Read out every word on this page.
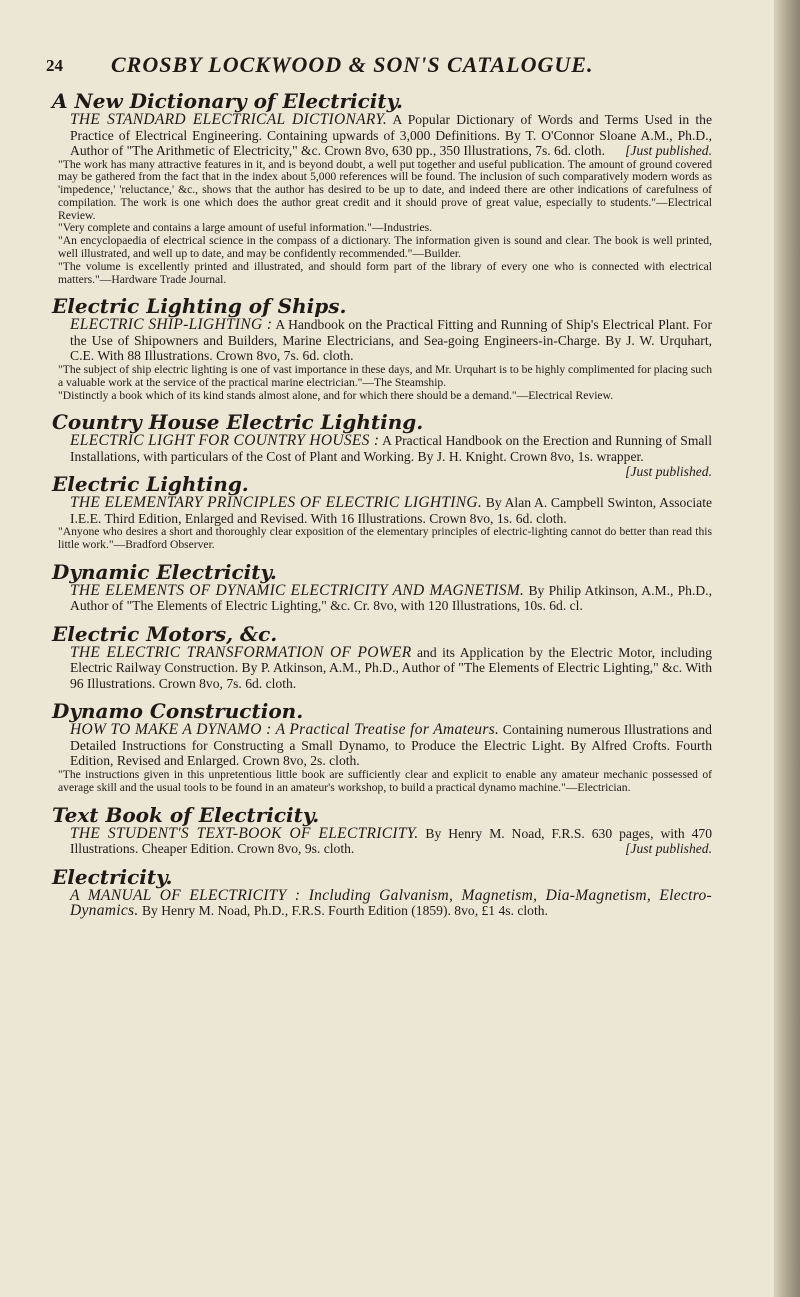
24 CROSBY LOCKWOOD & SON'S CATALOGUE.
A New Dictionary of Electricity.

THE STANDARD ELECTRICAL DICTIONARY. A Popular Dictionary of Words and Terms Used in the Practice of Electrical Engineering. Containing upwards of 3,000 Definitions. By T. O'Connor Sloane A.M., Ph.D., Author of "The Arithmetic of Electricity," &c. Crown 8vo, 630 pp., 350 Illustrations, 7s. 6d. cloth. [Just published.

"The work has many attractive features in it, and is beyond doubt, a well put together and useful publication. The amount of ground covered may be gathered from the fact that in the index about 5,000 references will be found. The inclusion of such comparatively modern words as 'impedence,' 'reluctance,' &c., shows that the author has desired to be up to date, and indeed there are other indications of carefulness of compilation. The work is one which does the author great credit and it should prove of great value, especially to students."—Electrical Review.

"Very complete and contains a large amount of useful information."—Industries.

"An encyclopaedia of electrical science in the compass of a dictionary. The information given is sound and clear. The book is well printed, well illustrated, and well up to date, and may be confidently recommended."—Builder.

"The volume is excellently printed and illustrated, and should form part of the library of every one who is connected with electrical matters."—Hardware Trade Journal.

Electric Lighting of Ships.

ELECTRIC SHIP-LIGHTING : A Handbook on the Practical Fitting and Running of Ship's Electrical Plant. For the Use of Shipowners and Builders, Marine Electricians, and Sea-going Engineers-in-Charge. By J. W. Urquhart, C.E. With 88 Illustrations. Crown 8vo, 7s. 6d. cloth.

"The subject of ship electric lighting is one of vast importance in these days, and Mr. Urquhart is to be highly complimented for placing such a valuable work at the service of the practical marine electrician."—The Steamship.

"Distinctly a book which of its kind stands almost alone, and for which there should be a demand."—Electrical Review.

Country House Electric Lighting.

ELECTRIC LIGHT FOR COUNTRY HOUSES : A Practical Handbook on the Erection and Running of Small Installations, with particulars of the Cost of Plant and Working. By J. H. Knight. Crown 8vo, 1s. wrapper.
[Just published.

Electric Lighting.

THE ELEMENTARY PRINCIPLES OF ELECTRIC LIGHTING. By Alan A. Campbell Swinton, Associate I.E.E. Third Edition, Enlarged and Revised. With 16 Illustrations. Crown 8vo, 1s. 6d. cloth.

"Anyone who desires a short and thoroughly clear exposition of the elementary principles of electric-lighting cannot do better than read this little work."—Bradford Observer.

Dynamic Electricity.

THE ELEMENTS OF DYNAMIC ELECTRICITY AND MAGNETISM. By Philip Atkinson, A.M., Ph.D., Author of "The Elements of Electric Lighting," &c. Cr. 8vo, with 120 Illustrations, 10s. 6d. cl.

Electric Motors, &c.

THE ELECTRIC TRANSFORMATION OF POWER and its Application by the Electric Motor, including Electric Railway Construction. By P. Atkinson, A.M., Ph.D., Author of "The Elements of Electric Lighting," &c. With 96 Illustrations. Crown 8vo, 7s. 6d. cloth.

Dynamo Construction.

HOW TO MAKE A DYNAMO : A Practical Treatise for Amateurs. Containing numerous Illustrations and Detailed Instructions for Constructing a Small Dynamo, to Produce the Electric Light. By Alfred Crofts. Fourth Edition, Revised and Enlarged. Crown 8vo, 2s. cloth.

"The instructions given in this unpretentious little book are sufficiently clear and explicit to enable any amateur mechanic possessed of average skill and the usual tools to be found in an amateur's workshop, to build a practical dynamo machine."—Electrician.

Text Book of Electricity.

THE STUDENT'S TEXT-BOOK OF ELECTRICITY. By Henry M. Noad, F.R.S. 630 pages, with 470 Illustrations. Cheaper Edition. Crown 8vo, 9s. cloth.	[Just published.

Electricity.

A MANUAL OF ELECTRICITY : Including Galvanism, Magnetism, Dia-Magnetism, Electro-Dynamics. By Henry M. Noad, Ph.D., F.R.S. Fourth Edition (1859). 8vo, £1 4s. cloth.
